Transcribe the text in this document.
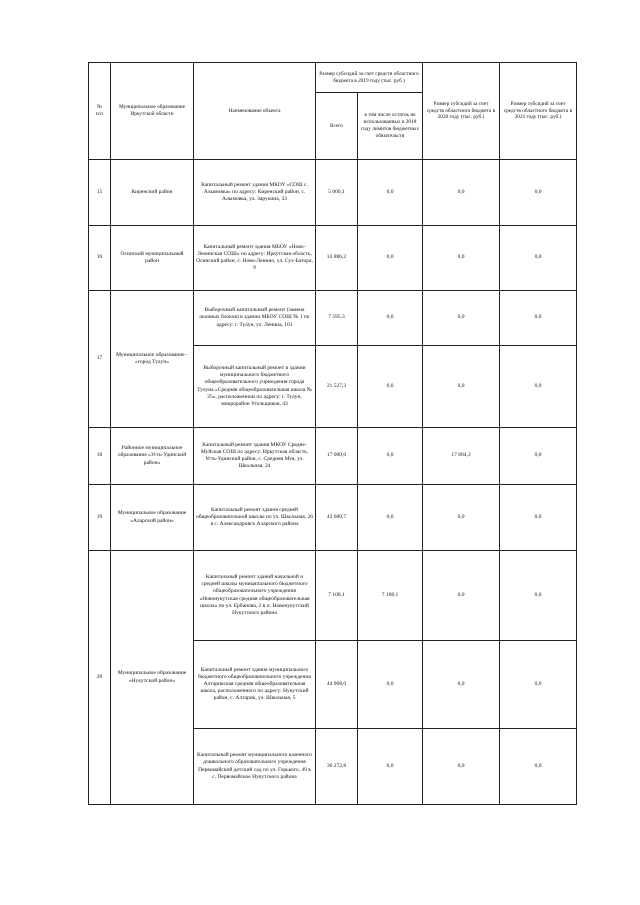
№
п/п	Муниципальное образование Иркутской области	Наименование объекта	Размер субсидий за счет средств областного бюджета в 2019 году (тыс. руб.)		Размер субсидий за счет средств областного бюджета в 2020 году (тыс. руб.)	Размер субсидий за счет средств областного бюджета в 2021 году (тыс. руб.)
			Всего	в том числе остаток не использованных в 2018 году лимитов бюджетных обязательств		
15	Киренский район	Капитальный ремонт здания МКОУ «СОШ с. Алымовка» по адресу: Киренский район, с. Алымовка, ул. Зарукина, 33	5 000,1	0,0	0,0	0,0
16	Осинский муниципальный район	Капитальный ремонт здания МБОУ «Ново-Ленинская СОШ» по адресу: Иркутская область, Осинский район, с. Ново-Ленино, ул. Сух-Батора, 9	33 886,2	0,0	0,0	0,0
17	Муниципальное образование - «город Тулун»	Выборочный капитальный ремонт (замена оконных блоков) в здании МБОУ СОШ № 1 по адресу: г. Тулун, ул. Ленина, 101	7 595,3	0,0	0,0	0,0
		Выборочный капитальный ремонт в здании муниципального бюджетного общеобразовательного учреждения города Тулуна «Средняя общеобразовательная школа № 25», расположенном по адресу: г. Тулун, микрорайон Угольщиков, 43	21 527,3	0,0	0,0	0,0
18	Районное муниципальное образование «Усть-Удинский район»	Капитальный ремонт здания МКОУ Средне-Муйская СОШ по адресу: Иркутская область, Усть-Удинский район, с. Средняя Муя, ул. Школьная, 24	17 000,0	0,0	17 804,3	0,0
19	Муниципальное образование «Аларский район»	Капитальный ремонт здания средней общеобразовательной школы по ул. Школьная, 26 в с. Александровск Аларского района	43 600,7	0,0	0,0	0,0
20	Муниципальное образование «Нукутский район»	Капитальный ремонт зданий начальной и средней школы муниципального бюджетного общеобразовательного учреждения «Новонукутская средняя общеобразовательная школа» по ул. Ербанова, 2 в п. Новонукутский Нукутского района	7 108,1	7 108,1	0,0	0,0
		Капитальный ремонт здания муниципального бюджетного общеобразовательного учреждения Алтарикская средняя общеобразовательная школа, расположенного по адресу: Нукутский район, с. Алтарик, ул. Школьная, 5	44 968,0	0,0	0,0	0,0
		Капитальный ремонт муниципального казенного дошкольного образовательного учреждения Первомайский детский сад по ул. Горького, 49 в с. Первомайское Нукутского района	36 272,8	0,0	0,0	0,0
